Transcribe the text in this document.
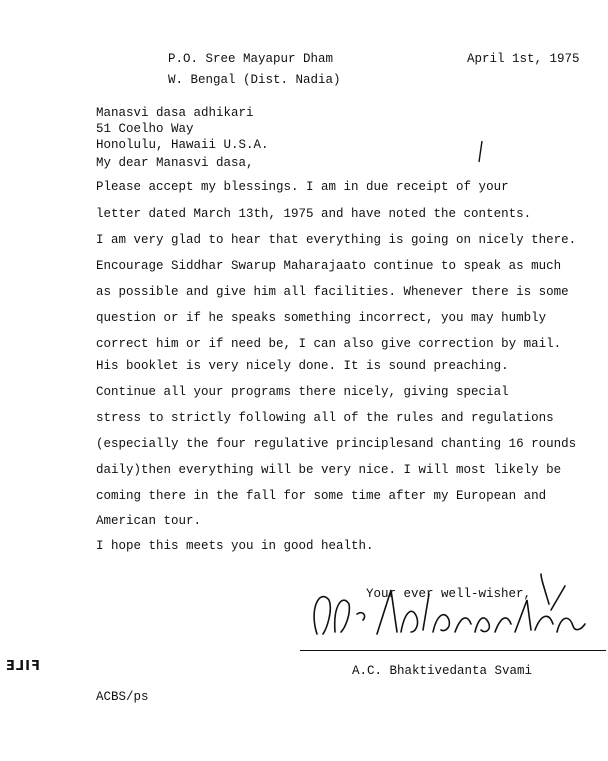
P.O. Sree Mayapur Dham
W. Bengal (Dist. Nadia)
April 1st, 1975
Manasvi dasa adhikari
51 Coelho Way
Honolulu, Hawaii U.S.A.
My dear Manasvi dasa,
Please accept my blessings. I am in due receipt of your
letter dated March 13th, 1975 and have noted the contents.
I am very glad to hear that everything is going on nicely there.
Encourage Siddhar Swarup Maharajaato continue to speak as much
as possible and give him all facilities. Whenever there is some
question or if he speaks something incorrect, you may humbly
correct him or if need be, I can also give correction by mail.
His booklet is very nicely done. It is sound preaching.
Continue all your programs there nicely, giving special
stress to strictly following all of the rules and regulations
(especially the four regulative principlesand chanting 16 rounds
daily)then everything will be very nice. I will most likely be
coming there in the fall for some time after my European and
American tour.
I hope this meets you in good health.
Your ever well-wisher,
FILE	A.C. Bhaktivedanta Svami
ACBS/ps
